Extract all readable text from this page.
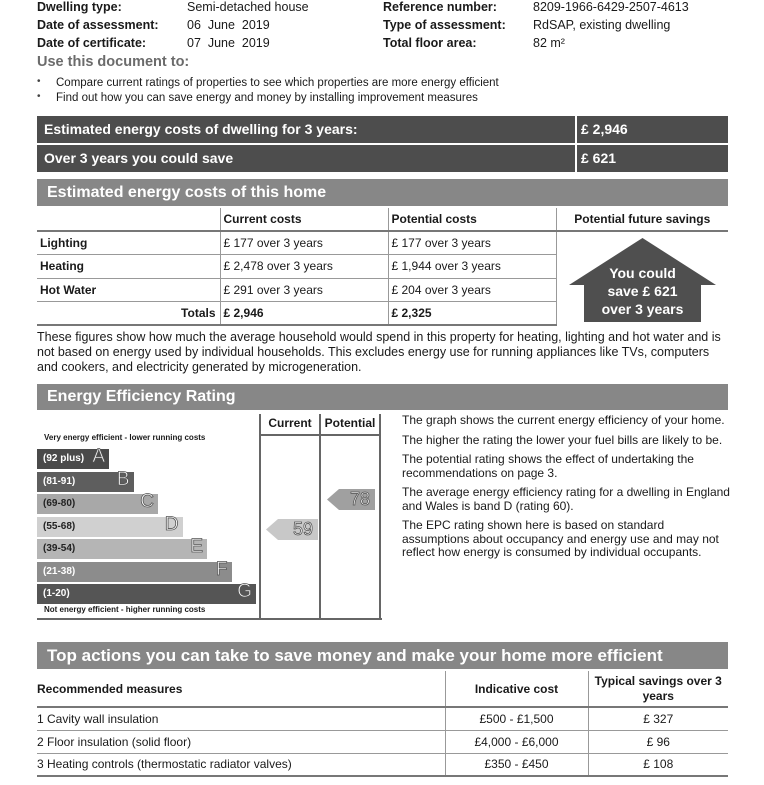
Dwelling type:	Semi-detached house
Date of assessment: 06  June  2019
Date of certificate:	07  June  2019
Reference number:	8209-1966-6429-2507-4613
Type of assessment: RdSAP, existing dwelling
Total floor area:	82 m²
Use this document to:
• Compare current ratings of properties to see which properties are more energy efficient
• Find out how you can save energy and money by installing improvement measures
Estimated energy costs of dwelling for 3 years:	£ 2,946
Over 3 years you could save	£ 621
Estimated energy costs of this home
	Current costs	Potential costs	Potential future savings
Lighting	£ 177 over 3 years	£ 177 over 3 years	
Heating	£ 2,478 over 3 years	£ 1,944 over 3 years	
Hot Water	£ 291 over 3 years	£ 204 over 3 years	
Totals	£ 2,946	£ 2,325	
You could
save £ 621
over 3 years

These figures show how much the average household would spend in this property for heating, lighting and hot water and is not based on energy used by individual households. This excludes energy use for running appliances like TVs, computers and cookers, and electricity generated by microgeneration.

Energy Efficiency Rating
Current	Potential
Very energy efficient - lower running costs
(92 plus) A
(81-91) B
(69-80)	C
(55-68)	D
(39-54)	E
(21-38)	F
(1-20)	G
59
78
Not energy efficient - higher running costs

The graph shows the current energy efficiency of your home.

The higher the rating the lower your fuel bills are likely to be.

The potential rating shows the effect of undertaking the recommendations on page 3.

The average energy efficiency rating for a dwelling in England and Wales is band D (rating 60).

The EPC rating shown here is based on standard assumptions about occupancy and energy use and may not reflect how energy is consumed by individual occupants.

Top actions you can take to save money and make your home more efficient
Recommended measures	Indicative cost	Typical savings over 3 years
1 Cavity wall insulation	£500 - £1,500	£ 327
2 Floor insulation (solid floor)	£4,000 - £6,000	£ 96
3 Heating controls (thermostatic radiator valves)	£350 - £450	£ 108
